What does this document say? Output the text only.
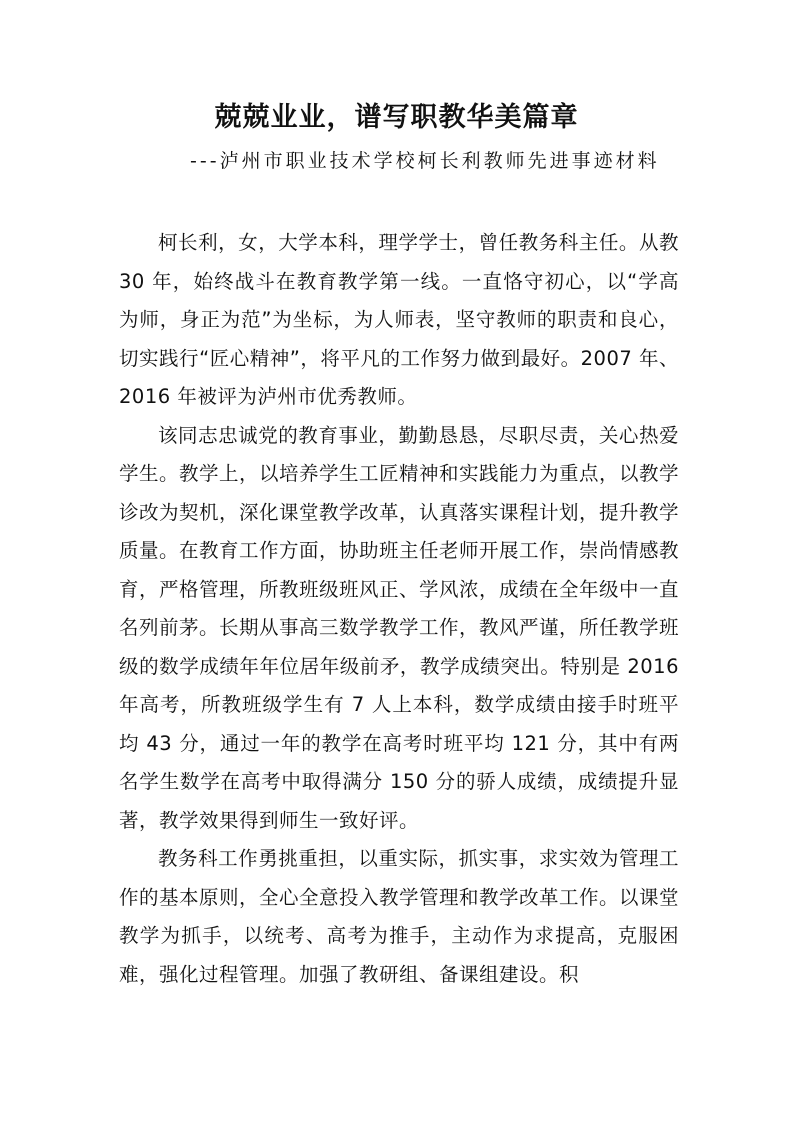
兢兢业业，谱写职教华美篇章
---泸州市职业技术学校柯长利教师先进事迹材料

柯长利，女，大学本科，理学学士，曾任教务科主任。从教 30 年，始终战斗在教育教学第一线。一直恪守初心，以“学高为师，身正为范”为坐标，为人师表，坚守教师的职责和良心，切实践行“匠心精神”，将平凡的工作努力做到最好。2007 年、2016 年被评为泸州市优秀教师。

该同志忠诚党的教育事业，勤勤恳恳，尽职尽责，关心热爱学生。教学上，以培养学生工匠精神和实践能力为重点，以教学诊改为契机，深化课堂教学改革，认真落实课程计划，提升教学质量。在教育工作方面，协助班主任老师开展工作，崇尚情感教育，严格管理，所教班级班风正、学风浓，成绩在全年级中一直名列前茅。长期从事高三数学教学工作，教风严谨，所任教学班级的数学成绩年年位居年级前矛，教学成绩突出。特别是 2016 年高考，所教班级学生有 7 人上本科，数学成绩由接手时班平均 43 分，通过一年的教学在高考时班平均 121 分，其中有两名学生数学在高考中取得满分 150 分的骄人成绩，成绩提升显著，教学效果得到师生一致好评。

教务科工作勇挑重担，以重实际，抓实事，求实效为管理工作的基本原则，全心全意投入教学管理和教学改革工作。以课堂教学为抓手，以统考、高考为推手，主动作为求提高，克服困难，强化过程管理。加强了教研组、备课组建设。积
